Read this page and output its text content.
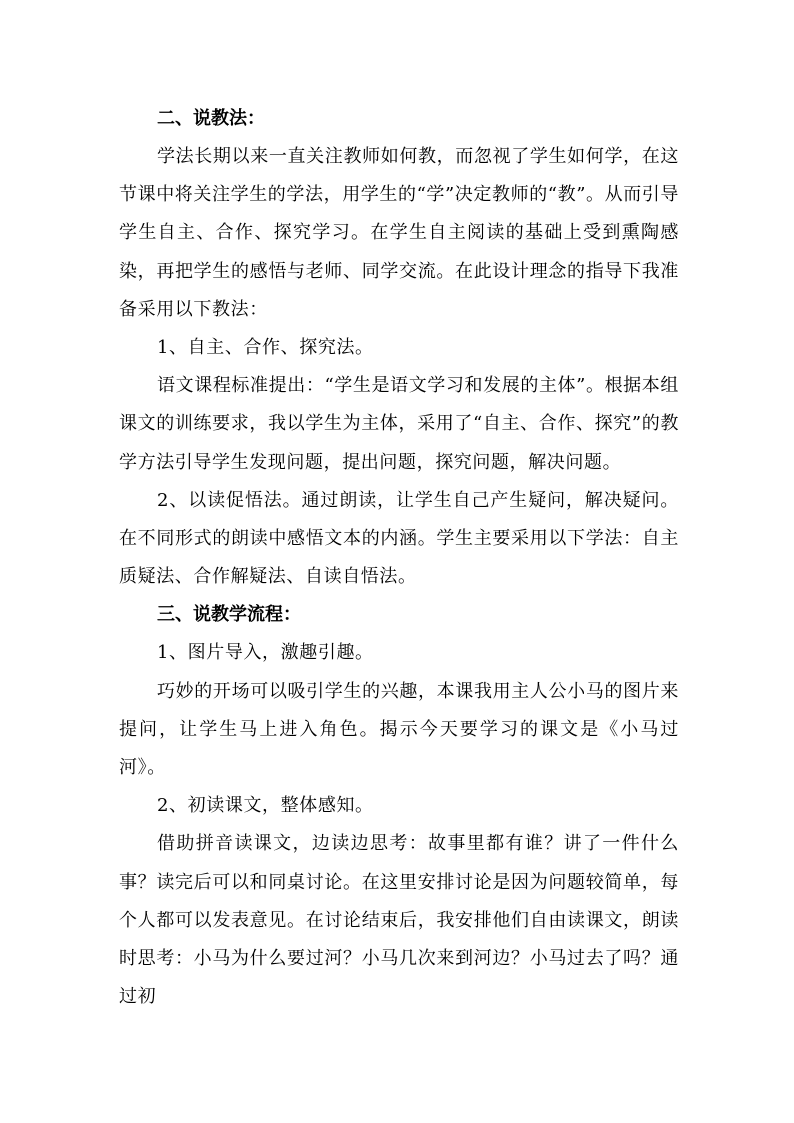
二、说教法：

学法长期以来一直关注教师如何教，而忽视了学生如何学，在这节课中将关注学生的学法，用学生的“学”决定教师的“教”。从而引导学生自主、合作、探究学习。在学生自主阅读的基础上受到熏陶感染，再把学生的感悟与老师、同学交流。在此设计理念的指导下我准备采用以下教法：

1、自主、合作、探究法。

语文课程标准提出：“学生是语文学习和发展的主体”。根据本组课文的训练要求，我以学生为主体，采用了“自主、合作、探究”的教学方法引导学生发现问题，提出问题，探究问题，解决问题。

2、以读促悟法。通过朗读，让学生自己产生疑问，解决疑问。在不同形式的朗读中感悟文本的内涵。学生主要采用以下学法：自主质疑法、合作解疑法、自读自悟法。

三、说教学流程：

1、图片导入，激趣引趣。

巧妙的开场可以吸引学生的兴趣，本课我用主人公小马的图片来提问，让学生马上进入角色。揭示今天要学习的课文是《小马过河》。

2、初读课文，整体感知。

借助拼音读课文，边读边思考：故事里都有谁？讲了一件什么事？读完后可以和同桌讨论。在这里安排讨论是因为问题较简单，每个人都可以发表意见。在讨论结束后，我安排他们自由读课文，朗读时思考：小马为什么要过河？小马几次来到河边？小马过去了吗？通过初
